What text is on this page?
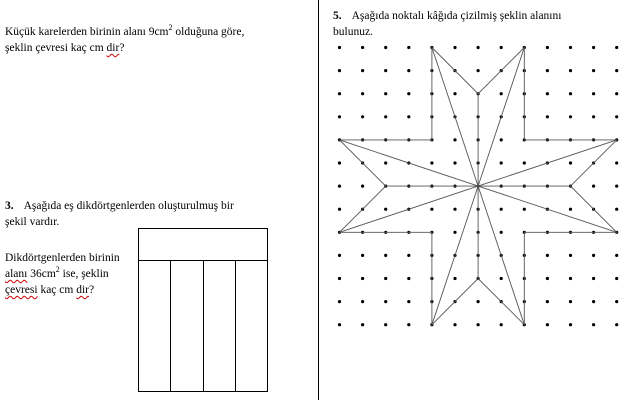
Küçük karelerden birinin alanı $9cm^2$ olduğuna göre,
şeklin çevresi kaç cm dir?
3. Aşağıda eş dikdörtgenlerden oluşturulmuş bir
şekil vardır.
Dikdörtgenlerden birinin
alanı $36cm^2$ ise, şeklin
çevresi kaç cm dir?
5. Aşağıda noktalı kâğıda çizilmiş şeklin alanını
bulunuz.
